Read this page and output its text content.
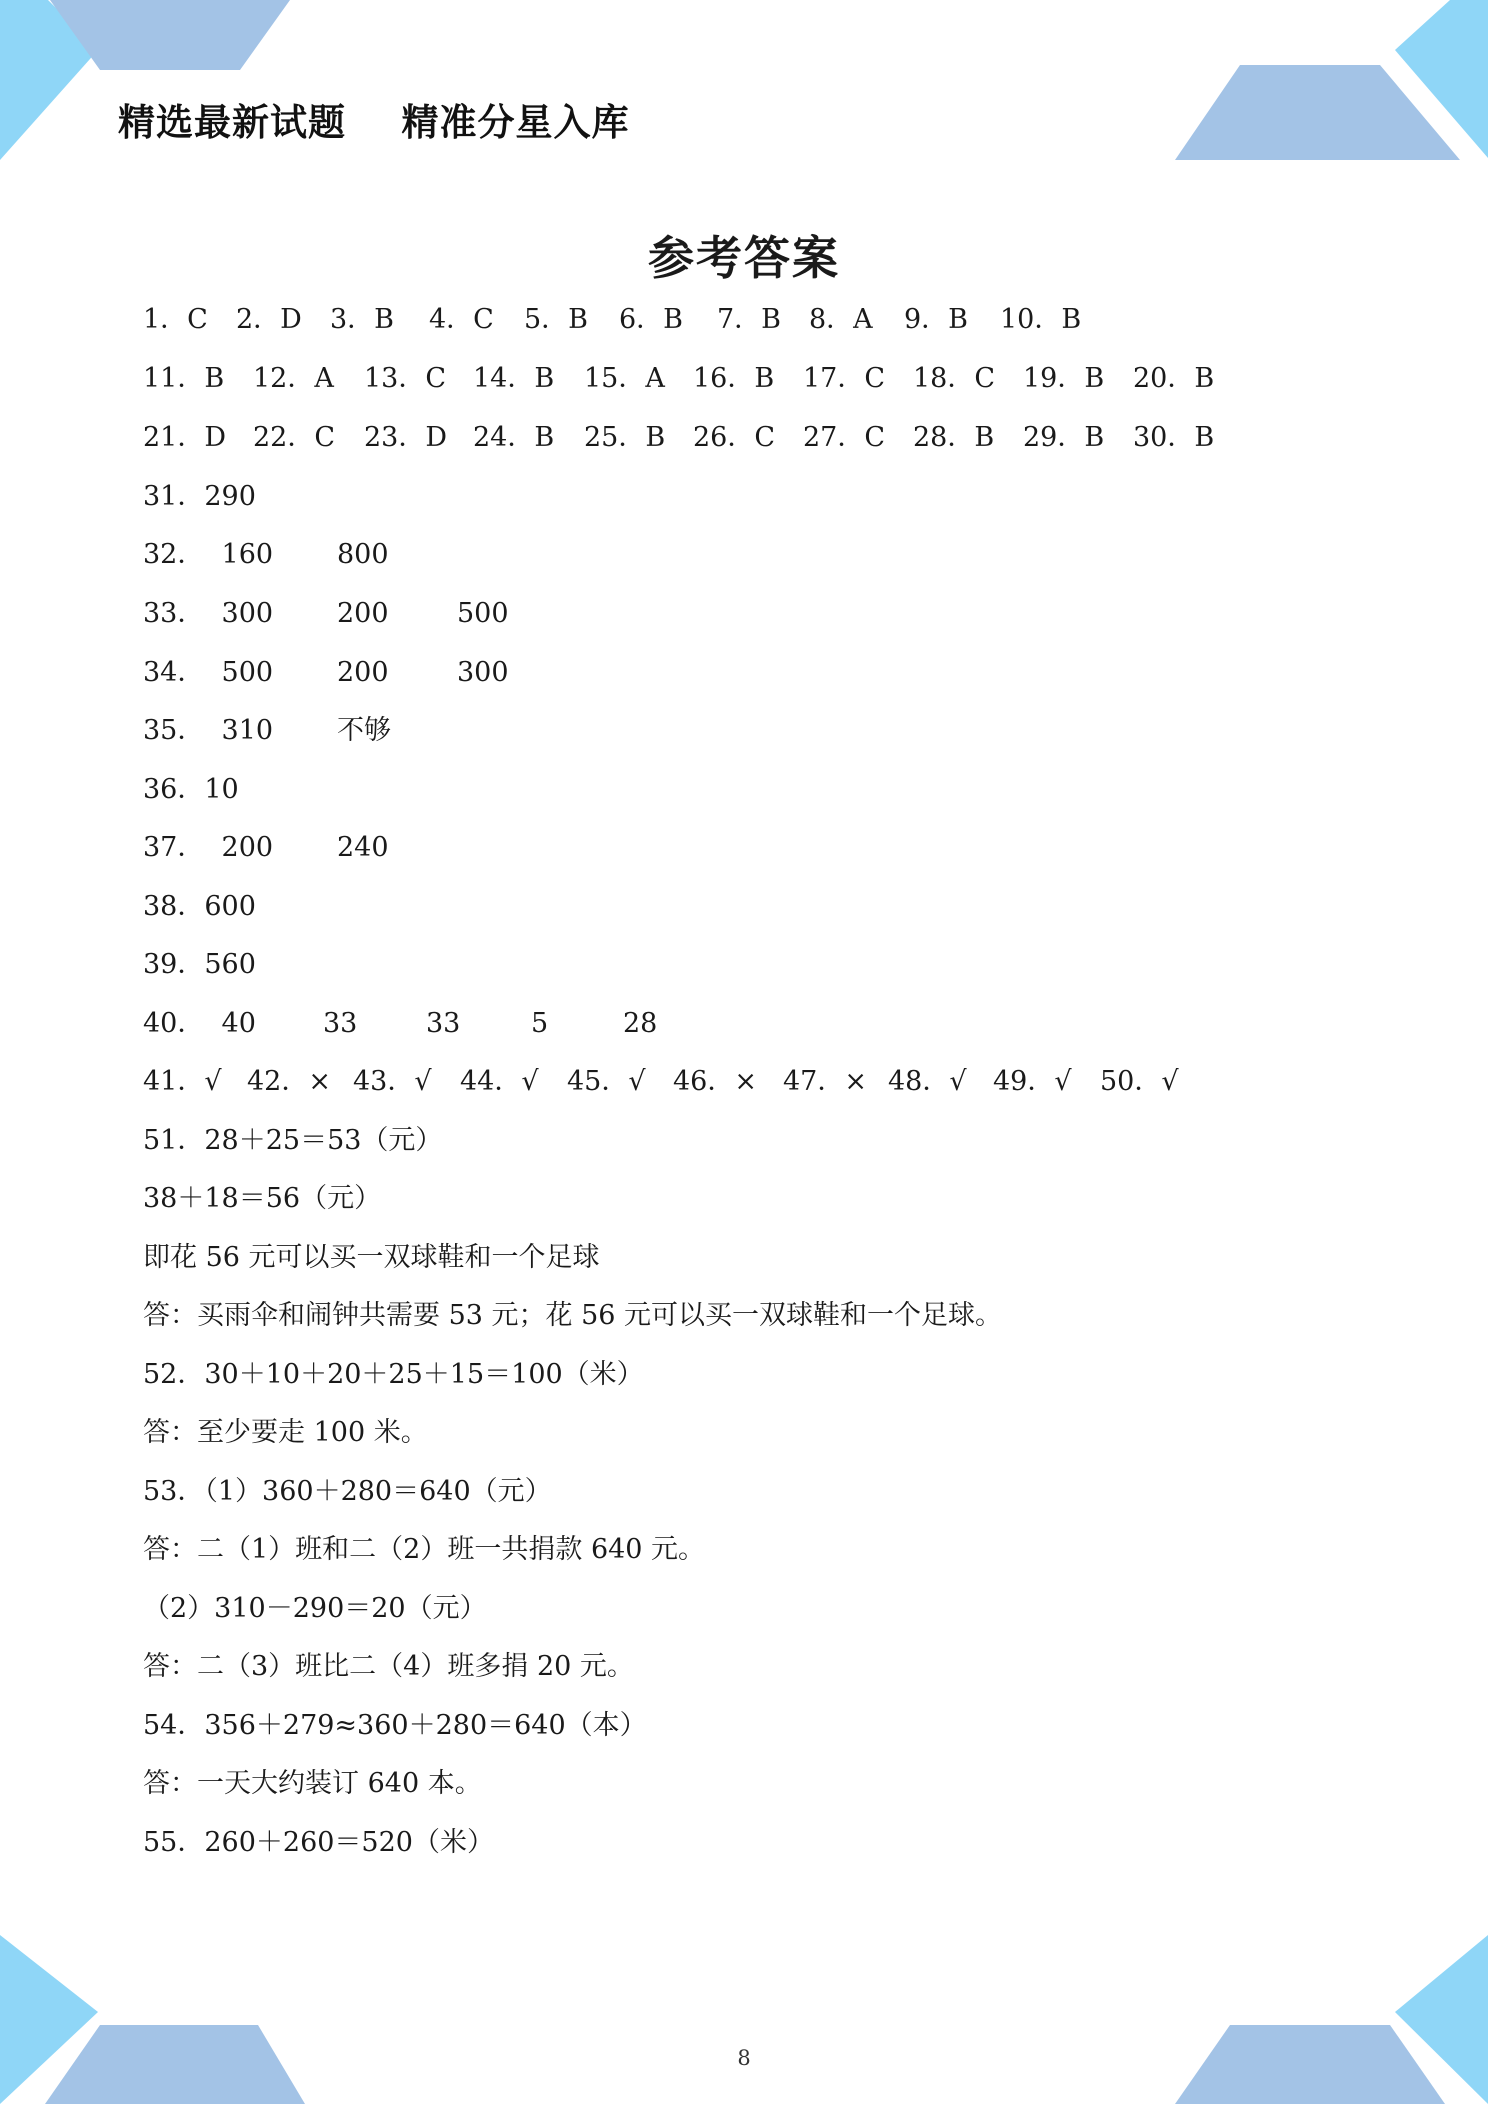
精选最新试题    精准分星入库
参考答案
1．C 2．D 3．B 4．C 5．B 6．B 7．B 8．A 9．B 10．B
11．B 12．A 13．C 14．B 15．A 16．B 17．C 18．C 19．B 20．B
21．D 22．C 23．D 24．B 25．B 26．C 27．C 28．B 29．B 30．B
31．290
32．  160 800
33．  300 200	500
34．  500 200	300
35．  310 不够
36．10
37．  200 240
38．600
39．560
40．  40 33	33	5	28
41．√ 42．× 43．√ 44．√ 45．√ 46．× 47．× 48．√ 49．√ 50．√
51．28＋25＝53（元）
38＋18＝56（元）
即花 56 元可以买一双球鞋和一个足球
答：买雨伞和闹钟共需要 53 元；花 56 元可以买一双球鞋和一个足球。
52．30＋10＋20＋25＋15＝100（米）
答：至少要走 100 米。
53．（1）360＋280＝640（元）
答：二（1）班和二（2）班一共捐款 640 元。
（2）310－290＝20（元）
答：二（3）班比二（4）班多捐 20 元。
54．356＋279≈360＋280＝640（本）
答：一天大约装订 640 本。
55．260＋260＝520（米）
8
